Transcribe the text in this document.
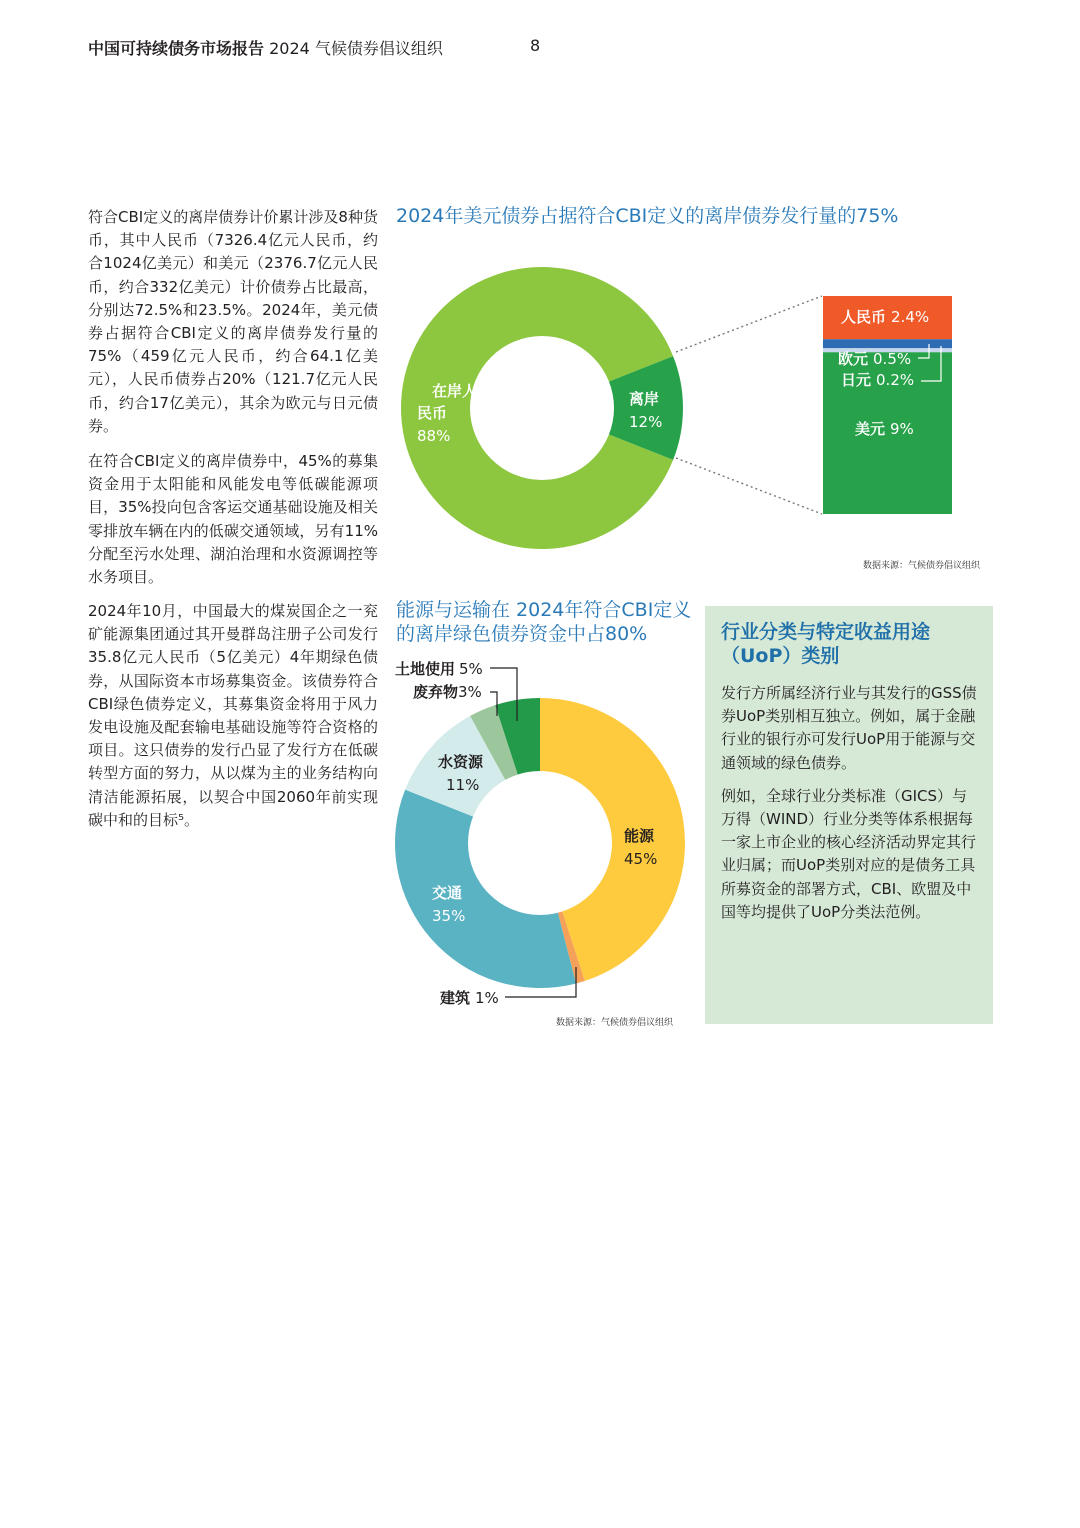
中国可持续债务市场报告 2024 气候债券倡议组织	8

符合CBI定义的离岸债券计价累计涉及8种货币，其中人民币（7326.4亿元人民币，约合1024亿美元）和美元（2376.7亿元人民币，约合332亿美元）计价债券占比最高，分别达72.5%和23.5%。2024年，美元债券占据符合CBI定义的离岸债券发行量的75%（459亿元人民币，约合64.1亿美元），人民币债券占20%（121.7亿元人民币，约合17亿美元），其余为欧元与日元债券。

在符合CBI定义的离岸债券中，45%的募集资金用于太阳能和风能发电等低碳能源项目，35%投向包含客运交通基础设施及相关零排放车辆在内的低碳交通领域，另有11%分配至污水处理、湖泊治理和水资源调控等水务项目。

2024年10月，中国最大的煤炭国企之一兖矿能源集团通过其开曼群岛注册子公司发行35.8亿元人民币（5亿美元）4年期绿色债券，从国际资本市场募集资金。该债券符合CBI绿色债券定义，其募集资金将用于风力发电设施及配套输电基础设施等符合资格的项目。这只债券的发行凸显了发行方在低碳转型方面的努力，从以煤为主的业务结构向清洁能源拓展，以契合中国2060年前实现碳中和的目标⁵。

2024年美元债券占据符合CBI定义的离岸债券发行量的75%

在岸人
民币
88%
离岸
12%
人民币 2.4%
欧元 0.5%
日元 0.2%
美元 9%
数据来源：气候债券倡议组织

能源与运输在 2024年符合CBI定义的离岸绿色债券资金中占80%

土地使用 5%
废弃物3%
建筑 1%
水资源
11%
能源
45%
交通
35%
数据来源：气候债券倡议组织
行业分类与特定收益用途（UoP）类别

发行方所属经济行业与其发行的GSS债券UoP类别相互独立。例如，属于金融行业的银行亦可发行UoP用于能源与交通领域的绿色债券。

例如，全球行业分类标准（GICS）与万得（WIND）行业分类等体系根据每一家上市企业的核心经济活动界定其行业归属；而UoP类别对应的是债务工具所募资金的部署方式，CBI、欧盟及中国等均提供了UoP分类法范例。
